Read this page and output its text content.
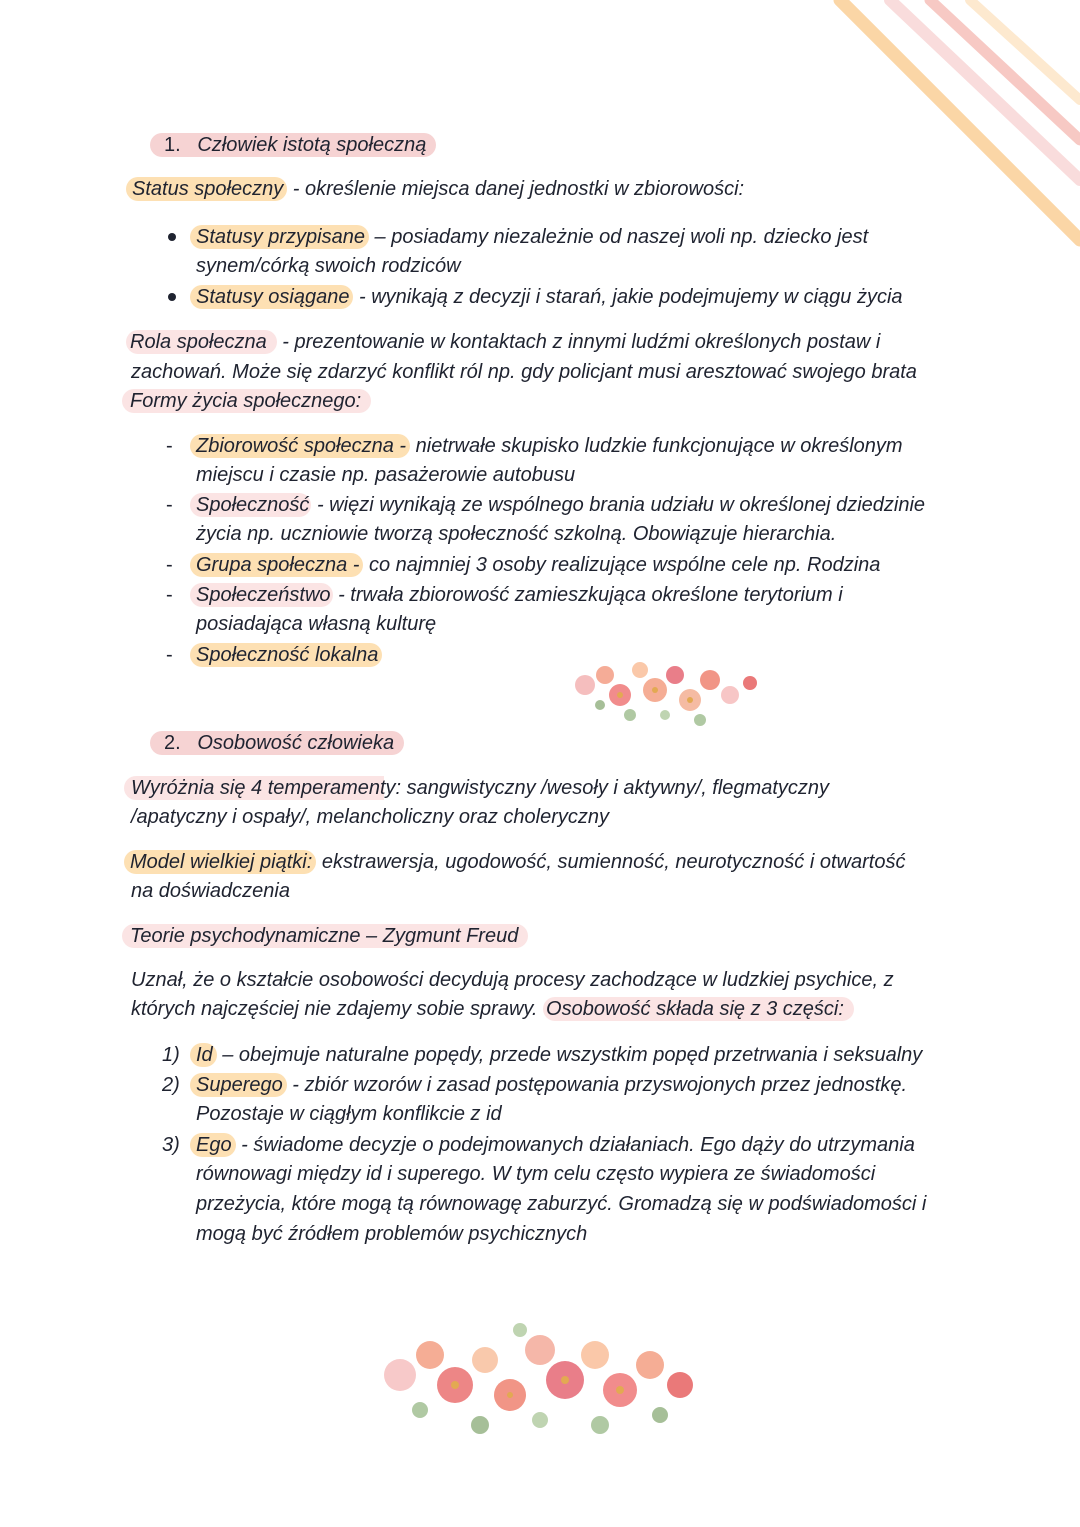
1. Człowiek istotą społeczną
Status społeczny - określenie miejsca danej jednostki w zbiorowości:
Statusy przypisane – posiadamy niezależnie od naszej woli np. dziecko jest
synem/córką swoich rodziców
Statusy osiągane - wynikają z decyzji i starań, jakie podejmujemy w ciągu życia
Rola społeczna - prezentowanie w kontaktach z innymi ludźmi określonych postaw i
zachowań. Może się zdarzyć konflikt ról np. gdy policjant musi aresztować swojego brata
Formy życia społecznego:
-	Zbiorowość społeczna - nietrwałe skupisko ludzkie funkcjonujące w określonym
miejscu i czasie np. pasażerowie autobusu
-	Społeczność - więzi wynikają ze wspólnego brania udziału w określonej dziedzinie
życia np. uczniowie tworzą społeczność szkolną. Obowiązuje hierarchia.
-	Grupa społeczna - co najmniej 3 osoby realizujące wspólne cele np. Rodzina
-	Społeczeństwo - trwała zbiorowość zamieszkująca określone terytorium i
posiadająca własną kulturę
-	Społeczność lokalna
2. Osobowość człowieka
Wyróżnia się 4 temperamenty: sangwistyczny /wesoły i aktywny/, flegmatyczny
/apatyczny i ospały/, melancholiczny oraz choleryczny
Model wielkiej piątki: ekstrawersja, ugodowość, sumienność, neurotyczność i otwartość
na doświadczenia
Teorie psychodynamiczne – Zygmunt Freud
Uznał, że o kształcie osobowości decydują procesy zachodzące w ludzkiej psychice, z
których najczęściej nie zdajemy sobie sprawy. Osobowość składa się z 3 części:
1) Id – obejmuje naturalne popędy, przede wszystkim popęd przetrwania i seksualny
2) Superego - zbiór wzorów i zasad postępowania przyswojonych przez jednostkę.
Pozostaje w ciągłym konflikcie z id
3) Ego - świadome decyzje o podejmowanych działaniach. Ego dąży do utrzymania
równowagi między id i superego. W tym celu często wypiera ze świadomości
przeżycia, które mogą tą równowagę zaburzyć. Gromadzą się w podświadomości i
mogą być źródłem problemów psychicznych
